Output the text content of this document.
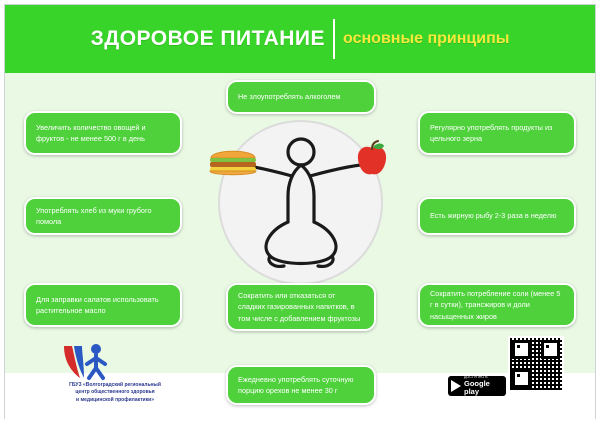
ЗДОРОВОЕ ПИТАНИЕ	основные принципы
Не злоупотреблять алкоголем
Увеличить количество овощей и фруктов - не менее 500 г в день
Употреблять хлеб из муки грубого помола
Для заправки салатов использовать растительное масло
Регулярно употреблять продукты из цельного зерна
Есть жирную рыбу 2-3 раза в неделю
Сократить потребление соли (менее 5 г в сутки), трансжиров и доли насыщенных жиров
Сократить или отказаться от сладких газированных напитков, в том числе с добавлением фруктозы
Ежедневно употреблять суточную порцию орехов не менее 30 г
ГБУЗ «Волгоградский региональный
центр общественного здоровья
и медицинской профилактики»
ДОСТУПНО В
Google play
